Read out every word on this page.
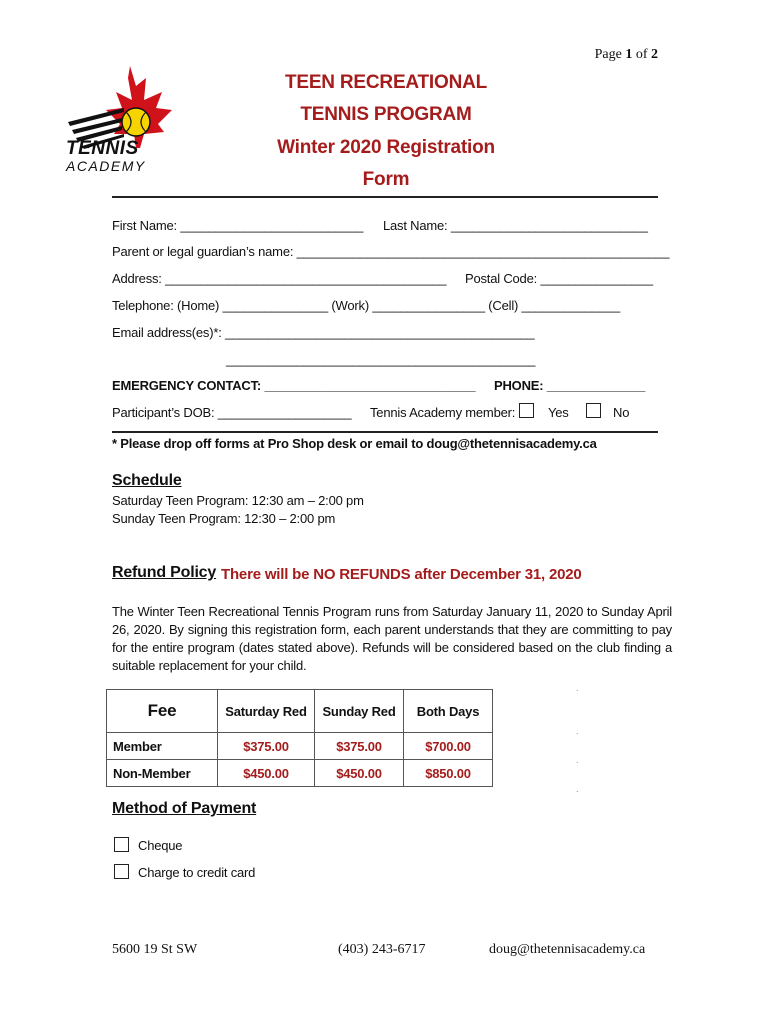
Page 1 of 2
TENNIS
ACADEMY
TEEN RECREATIONAL
TENNIS PROGRAM
Winter 2020 Registration
Form
First Name: __________________________ Last Name: ____________________________
Parent or legal guardian’s name: _____________________________________________________
Address: ________________________________________ Postal Code: ________________
Telephone: (Home) _______________ (Work) ________________ (Cell) ______________
Email address(es)*: ____________________________________________
____________________________________________
EMERGENCY CONTACT: ______________________________ PHONE: ______________
Participant’s DOB: ___________________ Tennis Academy member:	Yes	No
* Please drop off forms at Pro Shop desk or email to doug@thetennisacademy.ca
Schedule
Saturday Teen Program: 12:30 am – 2:00 pm
Sunday Teen Program: 12:30 – 2:00 pm
Refund Policy There will be NO REFUNDS after December 31, 2020
The Winter Teen Recreational Tennis Program runs from Saturday January 11, 2020 to Sunday April 26, 2020. By signing this registration form, each parent understands that they are committing to pay for the entire program (dates stated above). Refunds will be considered based on the club finding a suitable replacement for your child.
Fee	Saturday Red	Sunday Red	Both Days
Member	$375.00	$375.00	$700.00
Non-Member	$450.00	$450.00	$850.00
.
.
.
.
Method of Payment
Cheque
Charge to credit card
5600 19 St SW	(403) 243-6717	doug@thetennisacademy.ca
